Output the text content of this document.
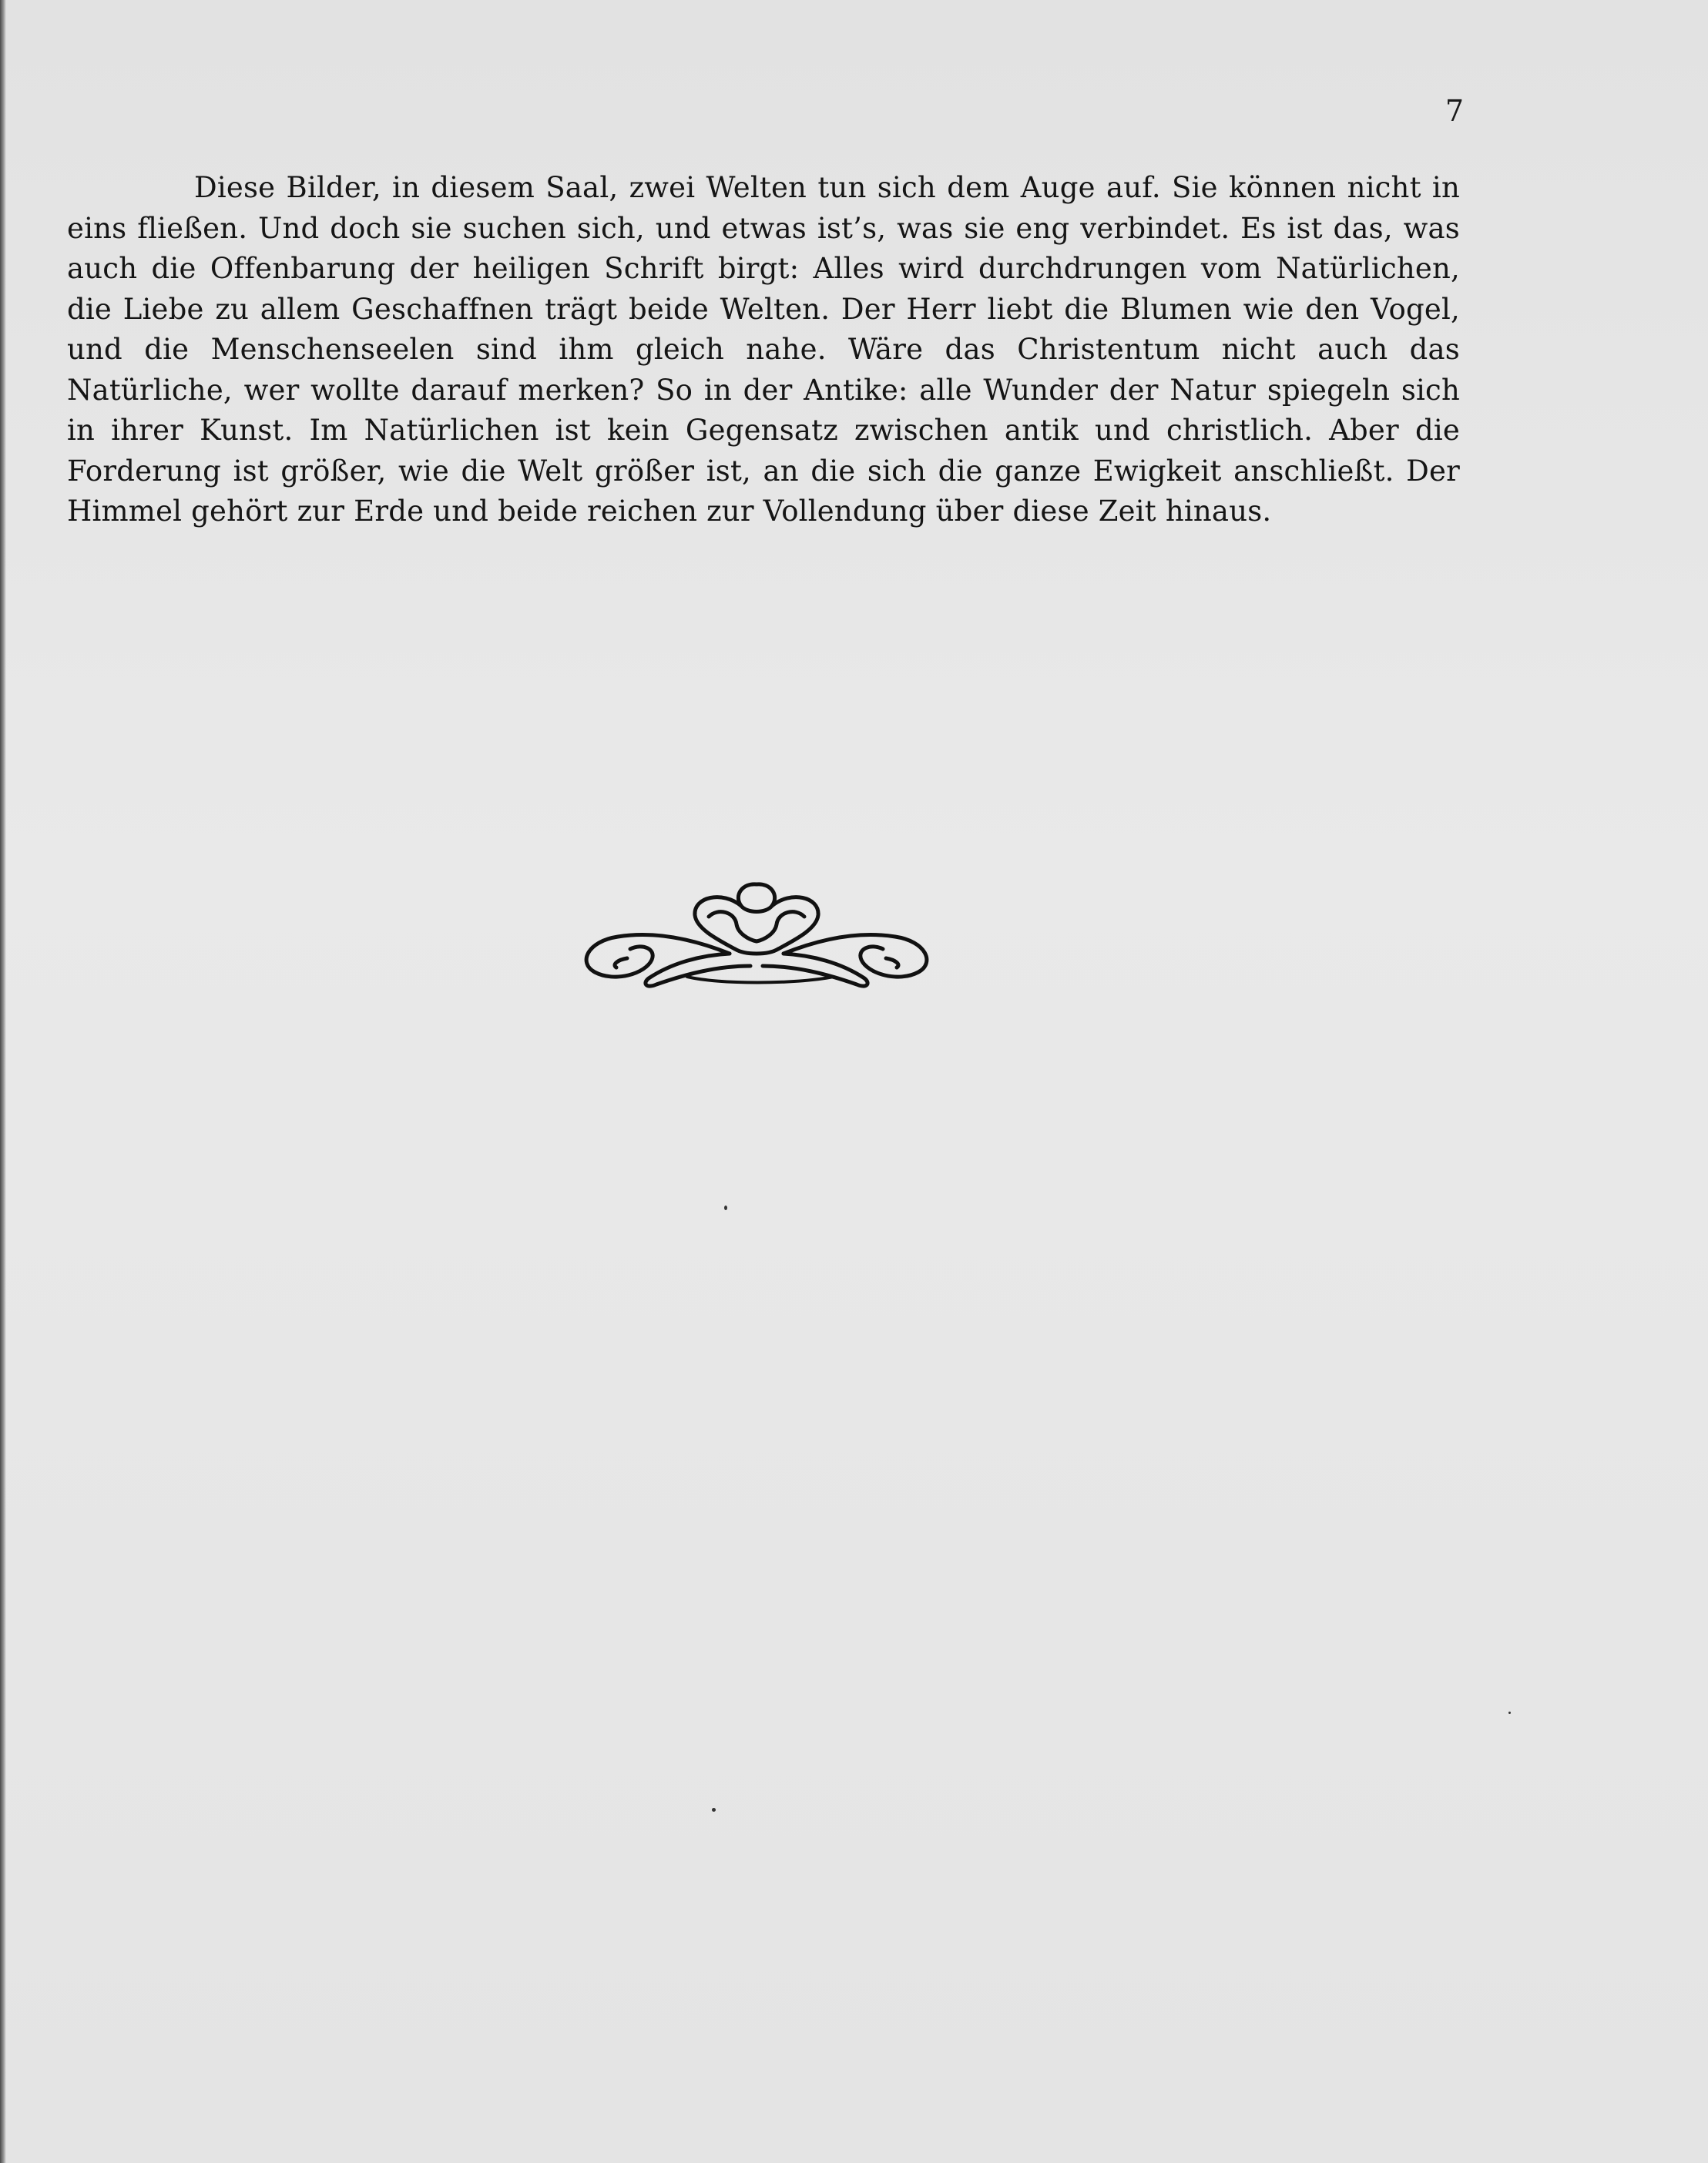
7

Diese Bilder, in diesem Saal, zwei Welten tun sich dem Auge auf. Sie können nicht in eins fließen. Und doch sie suchen sich, und etwas ist’s, was sie eng verbindet. Es ist das, was auch die Offenbarung der heiligen Schrift birgt: Alles wird durchdrungen vom Natürlichen, die Liebe zu allem Geschaffnen trägt beide Welten. Der Herr liebt die Blumen wie den Vogel, und die Menschenseelen sind ihm gleich nahe. Wäre das Christentum nicht auch das Natürliche, wer wollte darauf merken? So in der Antike: alle Wunder der Natur spiegeln sich in ihrer Kunst. Im Natürlichen ist kein Gegensatz zwischen antik und christlich. Aber die Forderung ist größer, wie die Welt größer ist, an die sich die ganze Ewigkeit anschließt. Der Himmel gehört zur Erde und beide reichen zur Vollendung über diese Zeit hinaus.
